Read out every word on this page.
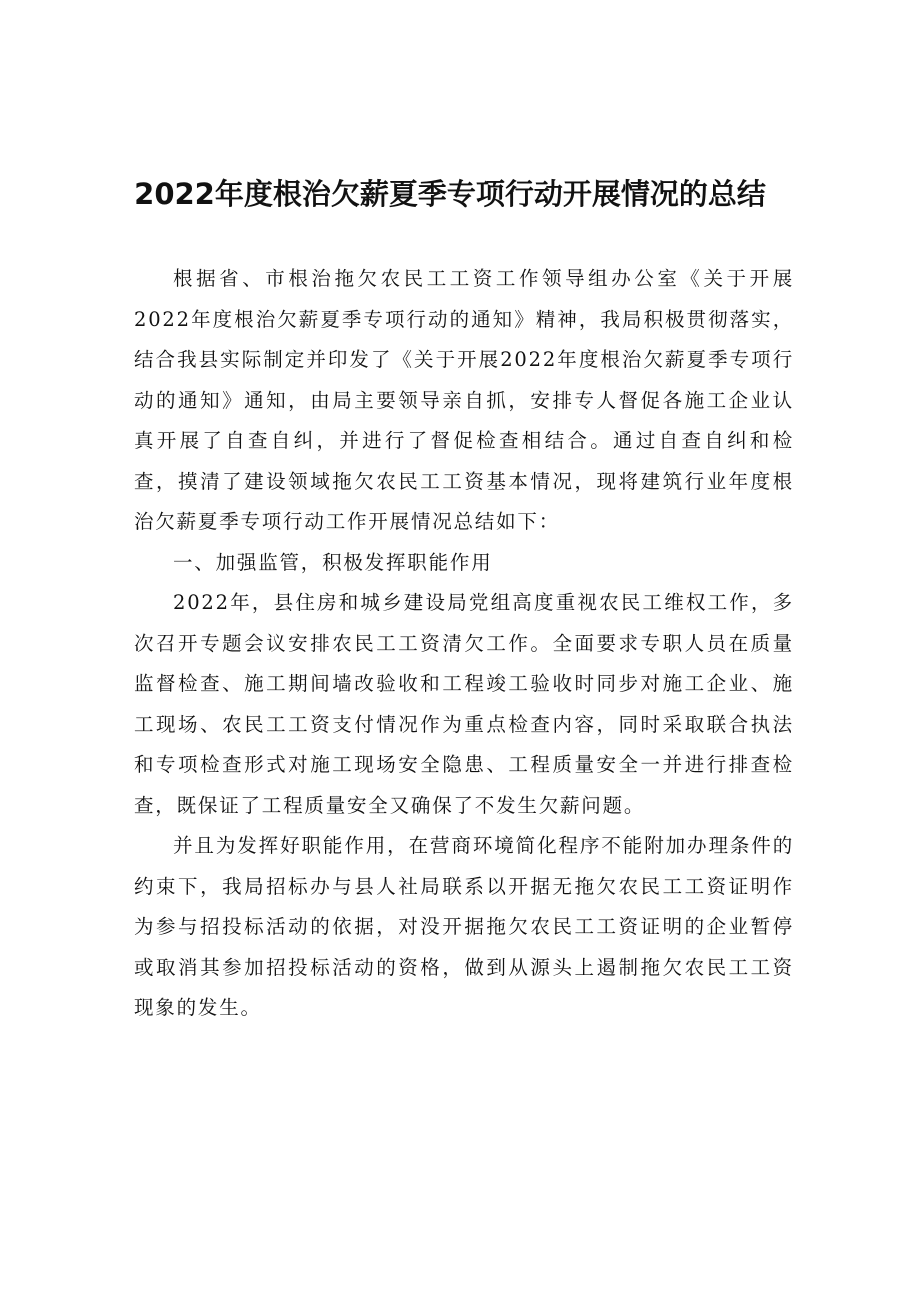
2022年度根治欠薪夏季专项行动开展情况的总结

根据省、市根治拖欠农民工工资工作领导组办公室《关于开展2022年度根治欠薪夏季专项行动的通知》精神，我局积极贯彻落实，结合我县实际制定并印发了《关于开展2022年度根治欠薪夏季专项行动的通知》通知，由局主要领导亲自抓，安排专人督促各施工企业认真开展了自查自纠，并进行了督促检查相结合。通过自查自纠和检查，摸清了建设领域拖欠农民工工资基本情况，现将建筑行业年度根治欠薪夏季专项行动工作开展情况总结如下：

一、加强监管，积极发挥职能作用

2022年，县住房和城乡建设局党组高度重视农民工维权工作，多次召开专题会议安排农民工工资清欠工作。全面要求专职人员在质量监督检查、施工期间墙改验收和工程竣工验收时同步对施工企业、施工现场、农民工工资支付情况作为重点检查内容，同时采取联合执法和专项检查形式对施工现场安全隐患、工程质量安全一并进行排查检查，既保证了工程质量安全又确保了不发生欠薪问题。

并且为发挥好职能作用，在营商环境简化程序不能附加办理条件的约束下，我局招标办与县人社局联系以开据无拖欠农民工工资证明作为参与招投标活动的依据，对没开据拖欠农民工工资证明的企业暂停或取消其参加招投标活动的资格，做到从源头上遏制拖欠农民工工资现象的发生。
